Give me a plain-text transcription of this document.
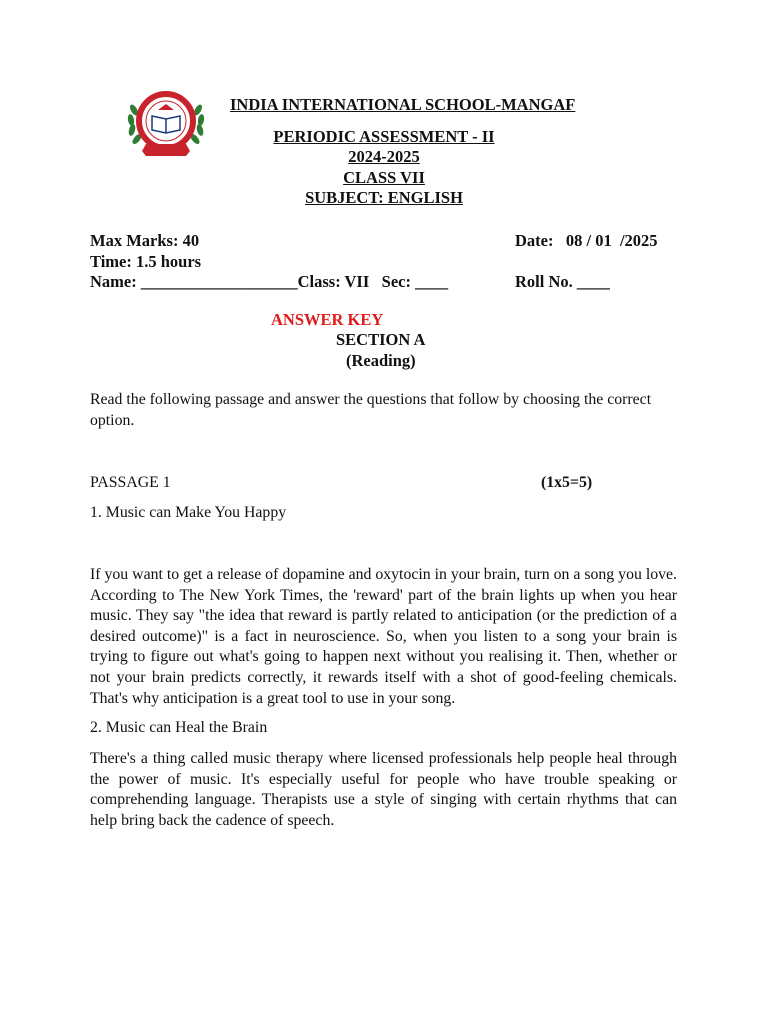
INDIA INTERNATIONAL SCHOOL-MANGAF
PERIODIC ASSESSMENT - II
2024-2025
CLASS VII
SUBJECT: ENGLISH
Max Marks: 40	Date:   08 / 01  /2025
Time: 1.5 hours
Name: ___________________Class: VII   Sec: ____	Roll No. ____
ANSWER KEY
SECTION A
(Reading)
Read the following passage and answer the questions that follow by choosing the correct option.
PASSAGE 1	(1x5=5)
1. Music can Make You Happy
If you want to get a release of dopamine and oxytocin in your brain, turn on a song you love. According to The New York Times, the 'reward' part of the brain lights up when you hear music. They say "the idea that reward is partly related to anticipation (or the prediction of a desired outcome)" is a fact in neuroscience. So, when you listen to a song your brain is trying to figure out what's going to happen next without you realising it. Then, whether or not your brain predicts correctly, it rewards itself with a shot of good-feeling chemicals. That's why anticipation is a great tool to use in your song.
2. Music can Heal the Brain
There's a thing called music therapy where licensed professionals help people heal through the power of music. It's especially useful for people who have trouble speaking or comprehending language. Therapists use a style of singing with certain rhythms that can help bring back the cadence of speech.
